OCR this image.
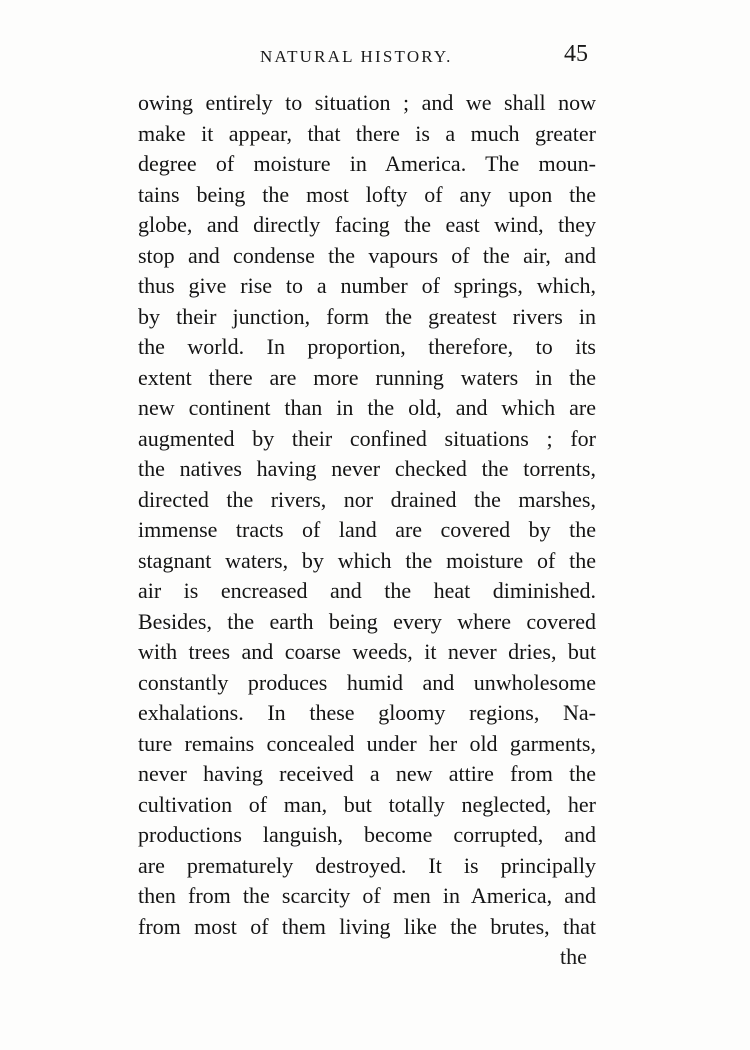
NATURAL HISTORY.	45
owing entirely to situation ; and we shall now
make it appear, that there is a much greater
degree of moisture in America. The moun-
tains being the most lofty of any upon the
globe, and directly facing the east wind, they
stop and condense the vapours of the air, and
thus give rise to a number of springs, which,
by their junction, form the greatest rivers in
the world. In proportion, therefore, to its
extent there are more running waters in the
new continent than in the old, and which are
augmented by their confined situations ; for
the natives having never checked the torrents,
directed the rivers, nor drained the marshes,
immense tracts of land are covered by the
stagnant waters, by which the moisture of the
air is encreased and the heat diminished.
Besides, the earth being every where covered
with trees and coarse weeds, it never dries, but
constantly produces humid and unwholesome
exhalations. In these gloomy regions, Na-
ture remains concealed under her old garments,
never having received a new attire from the
cultivation of man, but totally neglected, her
productions languish, become corrupted, and
are prematurely destroyed. It is principally
then from the scarcity of men in America, and
from most of them living like the brutes, that
the
